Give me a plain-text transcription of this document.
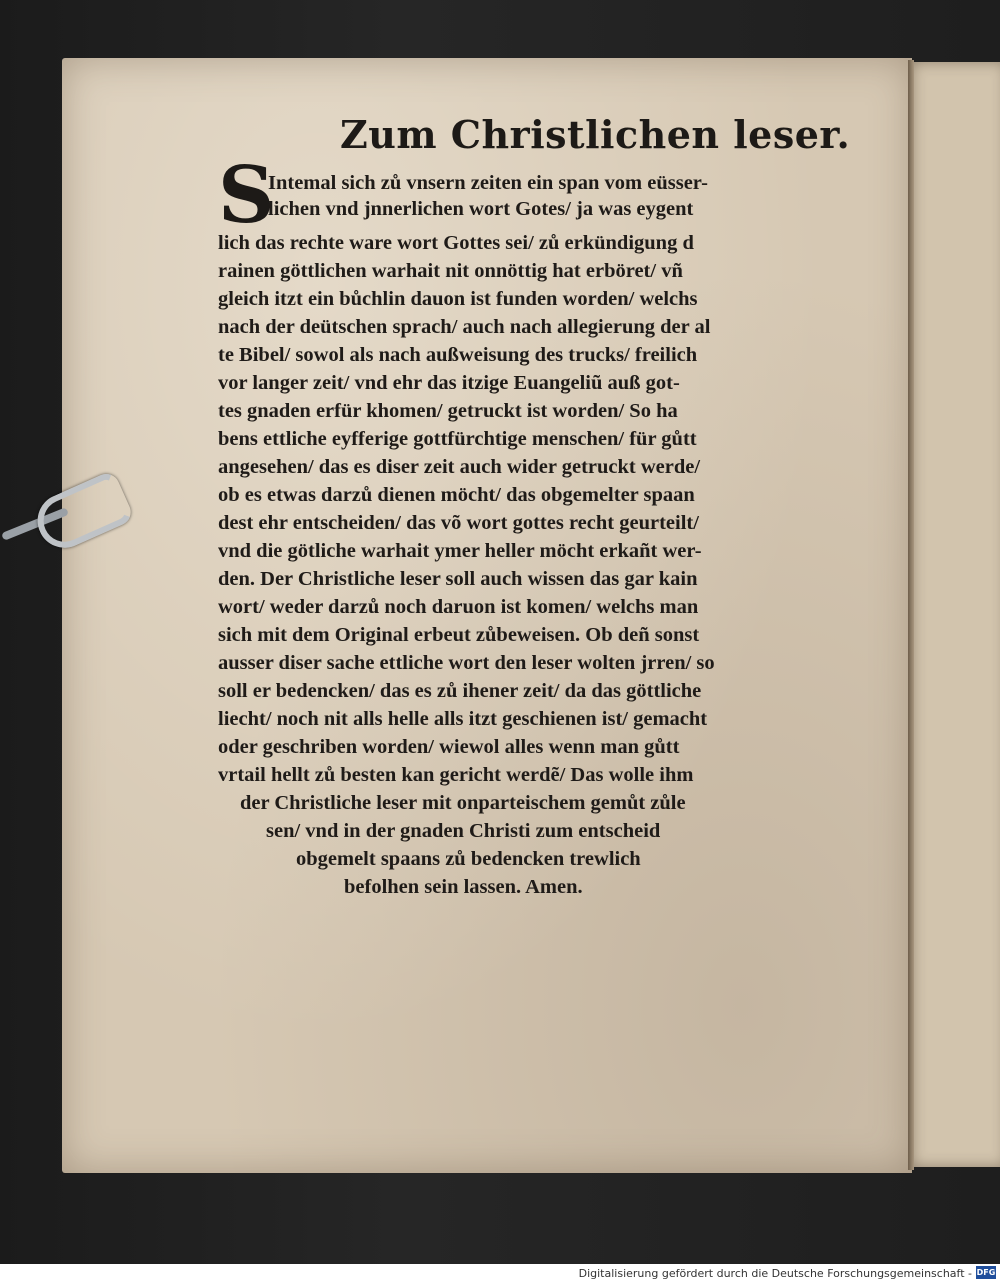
Zum Christlichen leser.
S
Intemal sich zů vnsern zeiten ein span vom eüsser-
lichen vnd jnnerlichen wort Gotes/ ja was eygent
lich das rechte ware wort Gottes sei/ zů erkündigung d
rainen göttlichen warhait nit onnöttig hat erböret/ vñ
gleich itzt ein bůchlin dauon ist funden worden/ welchs
nach der deütschen sprach/ auch nach allegierung der al
te Bibel/ sowol als nach außweisung des trucks/ freilich
vor langer zeit/ vnd ehr das itzige Euangeliũ auß got-
tes gnaden erfür khomen/ getruckt ist worden/ So ha
bens ettliche eyfferige gottfürchtige menschen/ für gůtt
angesehen/ das es diser zeit auch wider getruckt werde/
ob es etwas darzů dienen möcht/ das obgemelter spaan
dest ehr entscheiden/ das võ wort gottes recht geurteilt/
vnd die götliche warhait ymer heller möcht erkañt wer-
den. Der Christliche leser soll auch wissen das gar kain
wort/ weder darzů noch daruon ist komen/ welchs man
sich mit dem Original erbeut zůbeweisen. Ob deñ sonst
ausser diser sache ettliche wort den leser wolten jrren/ so
soll er bedencken/ das es zů ihener zeit/ da das göttliche
liecht/ noch nit alls helle alls itzt geschienen ist/ gemacht
oder geschriben worden/ wiewol alles wenn man gůtt
vrtail hellt zů besten kan gericht werdẽ/ Das wolle ihm
der Christliche leser mit onparteischem gemůt zůle
sen/ vnd in der gnaden Christi zum entscheid
obgemelt spaans zů bedencken trewlich
befolhen sein lassen. Amen.
Digitalisierung gefördert durch die Deutsche Forschungsgemeinschaft - DFG
